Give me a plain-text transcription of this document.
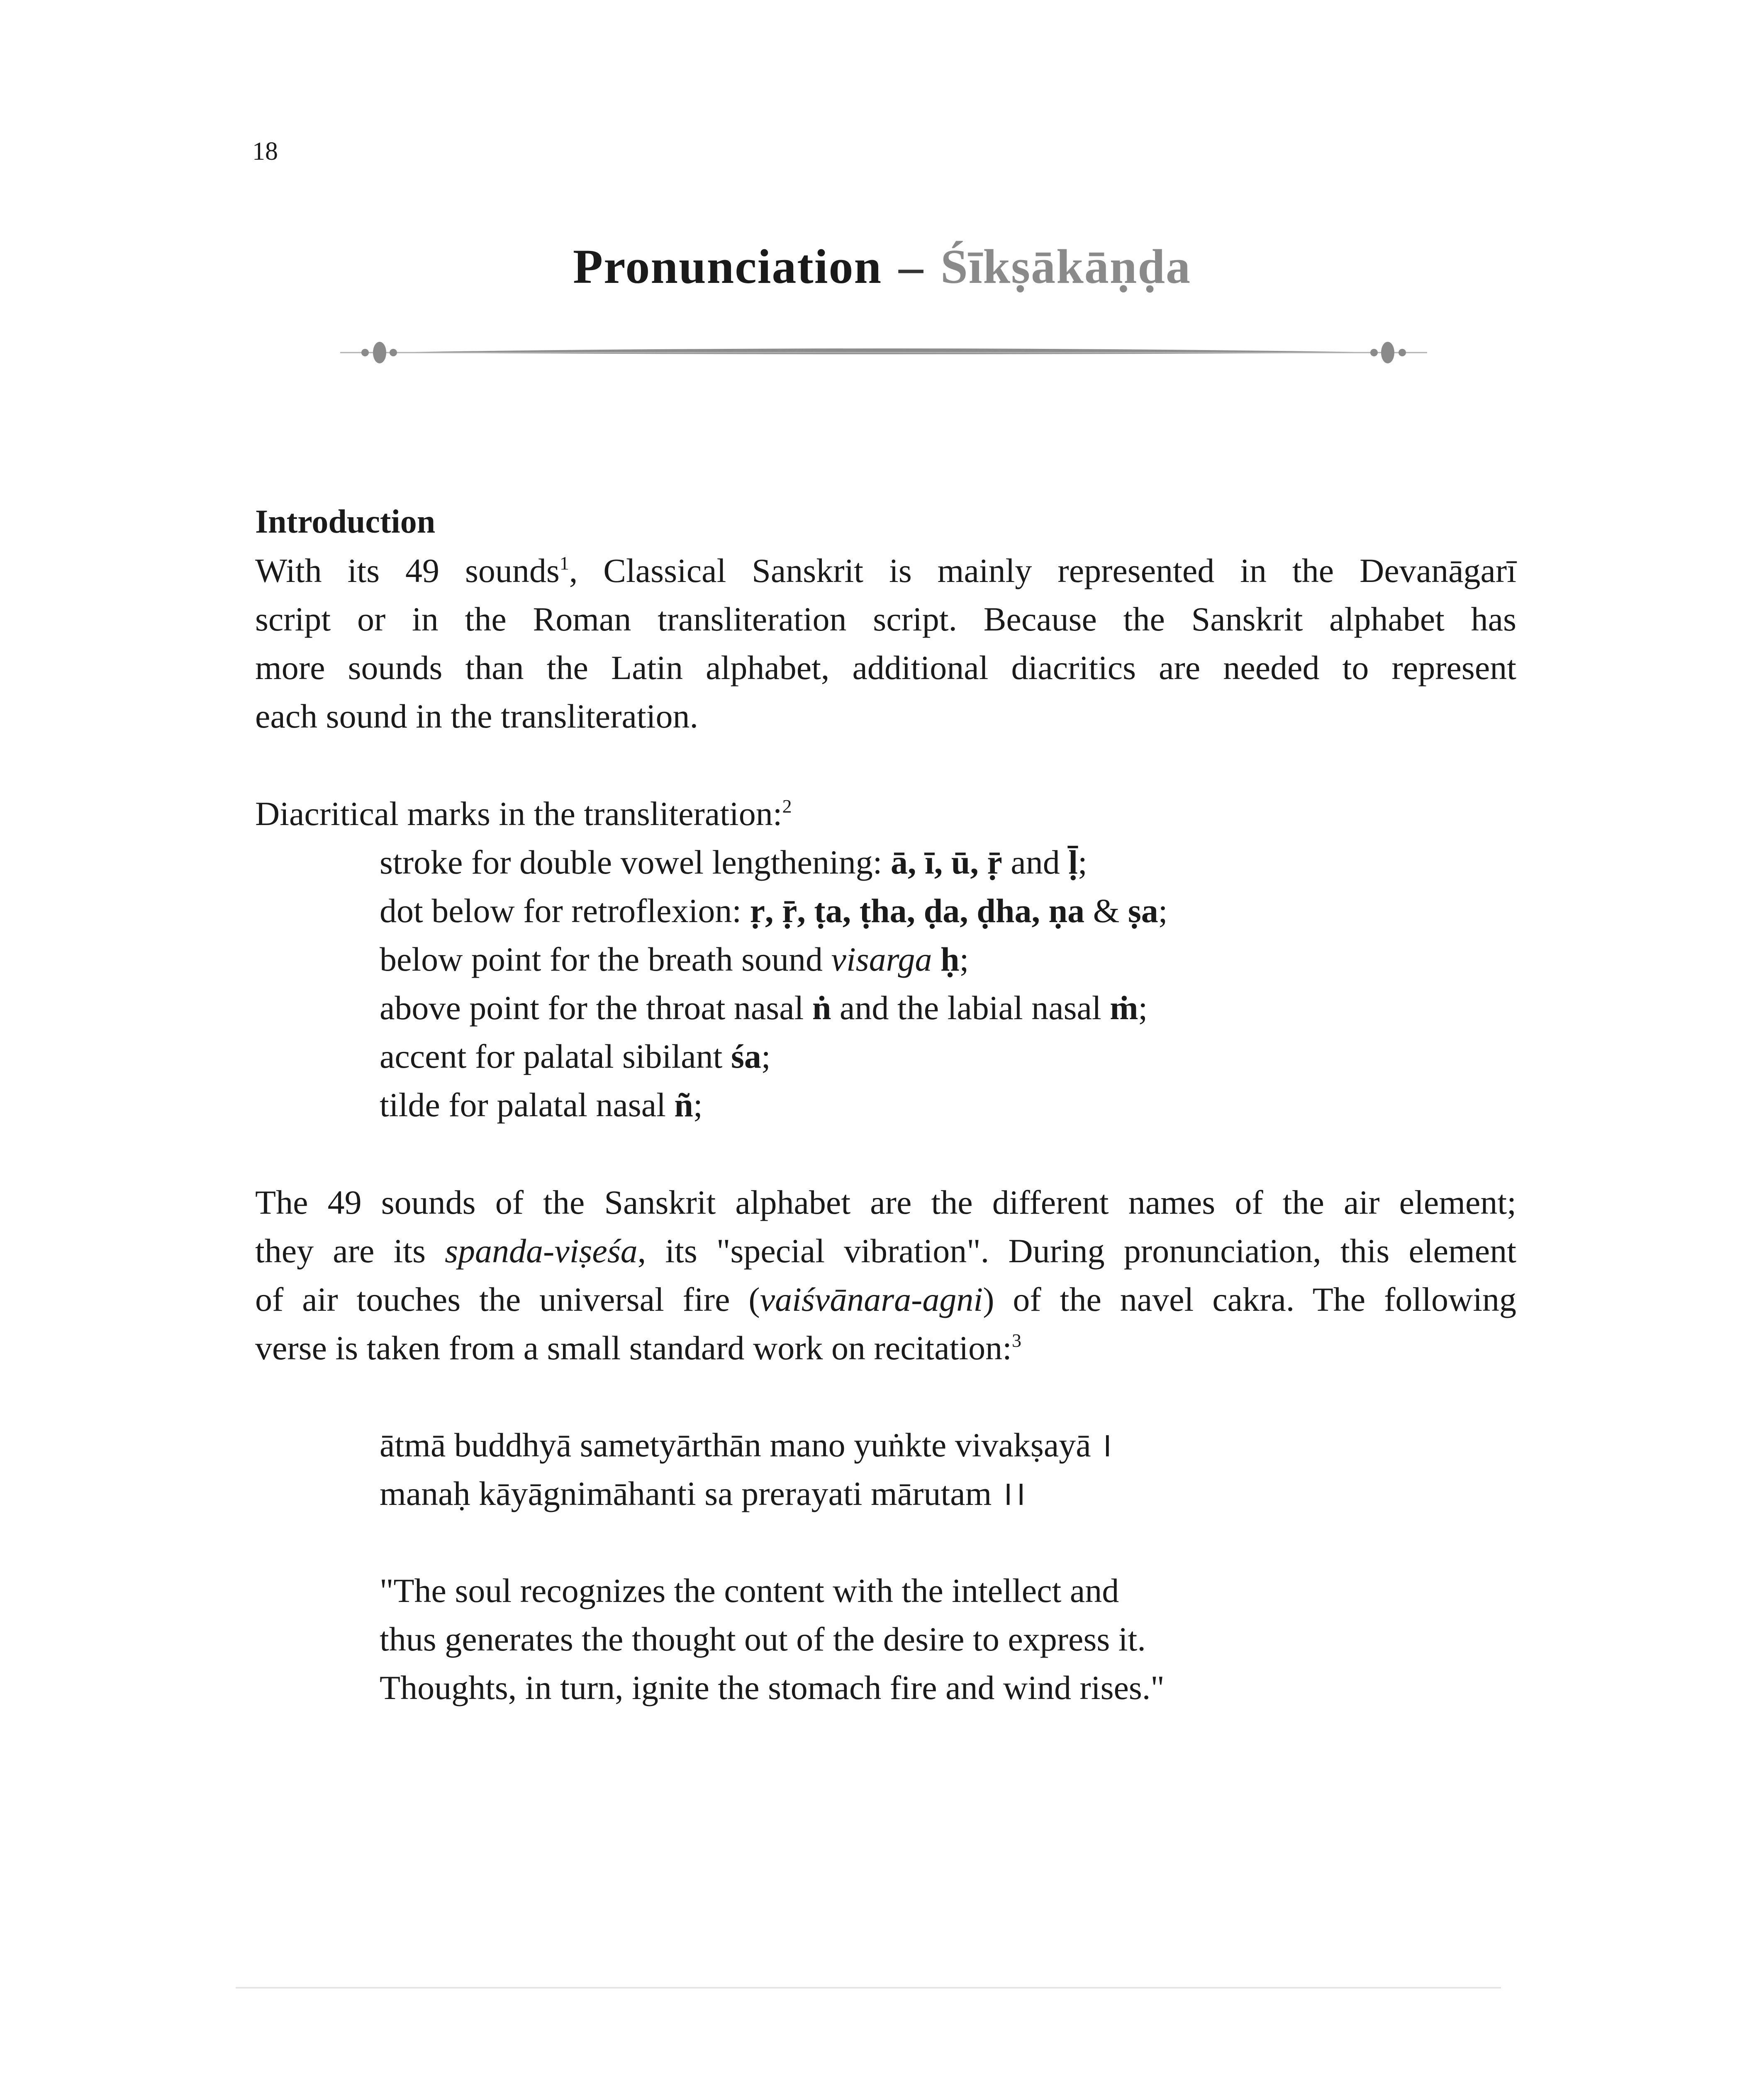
18
Pronunciation – Śīkṣākāṇḍa
Introduction
With its 49 sounds$^1$, Classical Sanskrit is mainly represented in the Devanāgarī
script or in the Roman transliteration script. Because the Sanskrit alphabet has
more sounds than the Latin alphabet, additional diacritics are needed to represent
each sound in the transliteration.
Diacritical marks in the transliteration:$^2$
stroke for double vowel lengthening: ā, ī, ū, ṝ and ḹ;
dot below for retroflexion: ṛ, ṝ, ṭa, ṭha, ḍa, ḍha, ṇa & ṣa;
below point for the breath sound visarga ḥ;
above point for the throat nasal ṅ and the labial nasal ṁ;
accent for palatal sibilant śa;
tilde for palatal nasal ñ;
The 49 sounds of the Sanskrit alphabet are the different names of the air element;
they are its spanda-viṣeśa, its "special vibration". During pronunciation, this element
of air touches the universal fire (vaiśvānara-agni) of the navel cakra. The following
verse is taken from a small standard work on recitation:$^3$
ātmā buddhyā sametyārthān mano yuṅkte vivakṣayā ।
manaḥ kāyāgnimāhanti sa prerayati mārutam ।।
"The soul recognizes the content with the intellect and
thus generates the thought out of the desire to express it.
Thoughts, in turn, ignite the stomach fire and wind rises."
